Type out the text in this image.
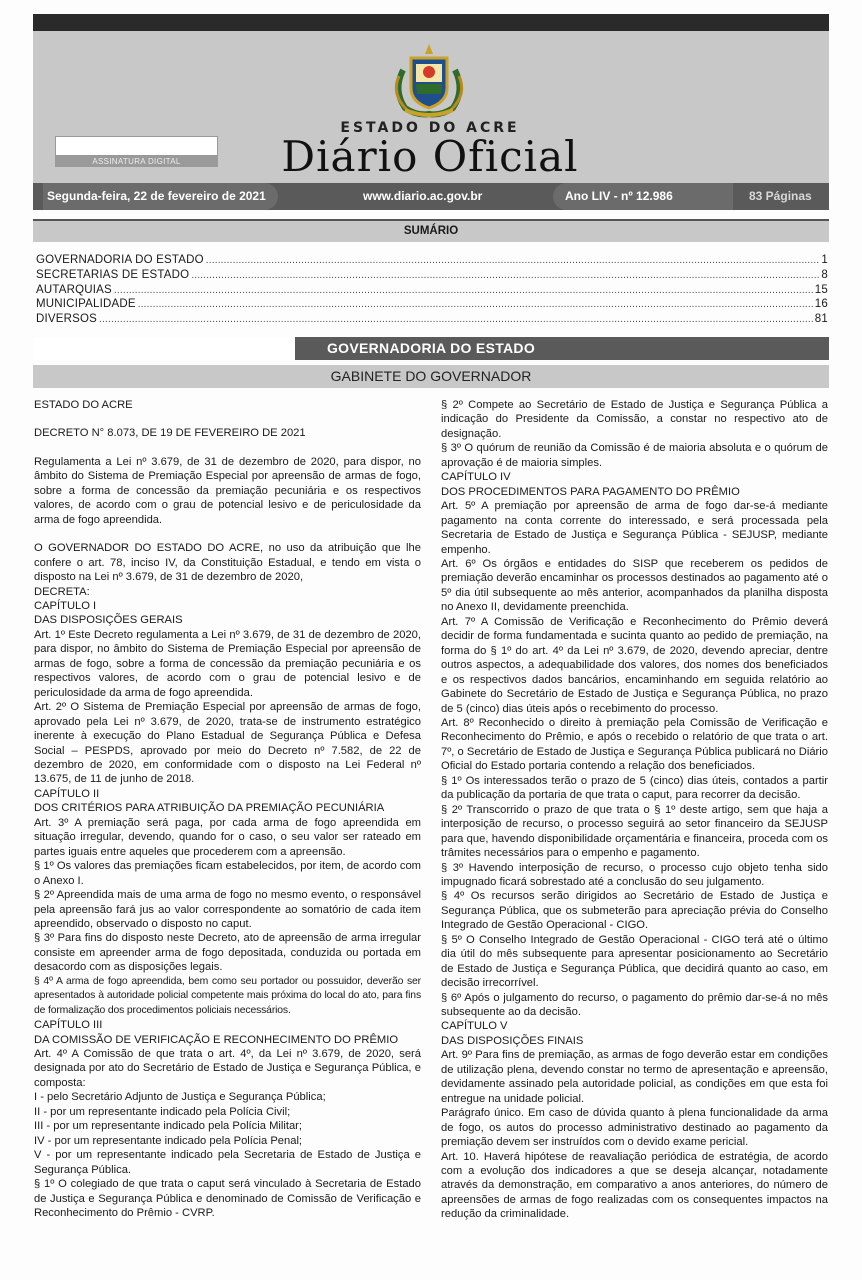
ASSINATURA DIGITAL
ESTADO DO ACRE
Diário Oficial
Segunda-feira, 22 de fevereiro de 2021	www.diario.ac.gov.br	Ano LIV - nº 12.986	83 Páginas
SUMÁRIO
GOVERNADORIA DO ESTADO .....	1
SECRETARIAS DE ESTADO .....	8
AUTARQUIAS .....	15
MUNICIPALIDADE .....	16
DIVERSOS .....	81
GOVERNADORIA DO ESTADO
GABINETE DO GOVERNADOR

ESTADO DO ACRE

DECRETO N° 8.073, DE 19 DE FEVEREIRO DE 2021

Regulamenta a Lei nº 3.679, de 31 de dezembro de 2020, para dispor, no âmbito do Sistema de Premiação Especial por apreensão de armas de fogo, sobre a forma de concessão da premiação pecuniária e os respectivos valores, de acordo com o grau de potencial lesivo e de periculosidade da arma de fogo apreendida.

O GOVERNADOR DO ESTADO DO ACRE, no uso da atribuição que lhe confere o art. 78, inciso IV, da Constituição Estadual, e tendo em vista o disposto na Lei nº 3.679, de 31 de dezembro de 2020,

DECRETA:

CAPÍTULO I

DAS DISPOSIÇÕES GERAIS

Art. 1º Este Decreto regulamenta a Lei nº 3.679, de 31 de dezembro de 2020, para dispor, no âmbito do Sistema de Premiação Especial por apreensão de armas de fogo, sobre a forma de concessão da premiação pecuniária e os respectivos valores, de acordo com o grau de potencial lesivo e de periculosidade da arma de fogo apreendida.

Art. 2º O Sistema de Premiação Especial por apreensão de armas de fogo, aprovado pela Lei nº 3.679, de 2020, trata-se de instrumento estratégico inerente à execução do Plano Estadual de Segurança Pública e Defesa Social – PESPDS, aprovado por meio do Decreto nº 7.582, de 22 de dezembro de 2020, em conformidade com o disposto na Lei Federal nº 13.675, de 11 de junho de 2018.

CAPÍTULO II

DOS CRITÉRIOS PARA ATRIBUIÇÃO DA PREMIAÇÃO PECUNIÁRIA

Art. 3º A premiação será paga, por cada arma de fogo apreendida em situação irregular, devendo, quando for o caso, o seu valor ser rateado em partes iguais entre aqueles que procederem com a apreensão.

§ 1º Os valores das premiações ficam estabelecidos, por item, de acordo com o Anexo I.

§ 2º Apreendida mais de uma arma de fogo no mesmo evento, o responsável pela apreensão fará jus ao valor correspondente ao somatório de cada item apreendido, observado o disposto no caput.

§ 3º Para fins do disposto neste Decreto, ato de apreensão de arma irregular consiste em apreender arma de fogo depositada, conduzida ou portada em desacordo com as disposições legais.

§ 4º A arma de fogo apreendida, bem como seu portador ou possuidor, deverão ser apresentados à autoridade policial competente mais próxima do local do ato, para fins de formalização dos procedimentos policiais necessários.

CAPÍTULO III

DA COMISSÃO DE VERIFICAÇÃO E RECONHECIMENTO DO PRÊMIO

Art. 4º A Comissão de que trata o art. 4º, da Lei nº 3.679, de 2020, será designada por ato do Secretário de Estado de Justiça e Segurança Pública, e composta:

I - pelo Secretário Adjunto de Justiça e Segurança Pública;

II - por um representante indicado pela Polícia Civil;

III - por um representante indicado pela Polícia Militar;

IV - por um representante indicado pela Polícia Penal;

V - por um representante indicado pela Secretaria de Estado de Justiça e Segurança Pública.

§ 1º O colegiado de que trata o caput será vinculado à Secretaria de Estado de Justiça e Segurança Pública e denominado de Comissão de Verificação e Reconhecimento do Prêmio - CVRP.

§ 2º Compete ao Secretário de Estado de Justiça e Segurança Pública a indicação do Presidente da Comissão, a constar no respectivo ato de designação.

§ 3º O quórum de reunião da Comissão é de maioria absoluta e o quórum de aprovação é de maioria simples.

CAPÍTULO IV

DOS PROCEDIMENTOS PARA PAGAMENTO DO PRÊMIO

Art. 5º A premiação por apreensão de arma de fogo dar-se-á mediante pagamento na conta corrente do interessado, e será processada pela Secretaria de Estado de Justiça e Segurança Pública - SEJUSP, mediante empenho.

Art. 6º Os órgãos e entidades do SISP que receberem os pedidos de premiação deverão encaminhar os processos destinados ao pagamento até o 5º dia útil subsequente ao mês anterior, acompanhados da planilha disposta no Anexo II, devidamente preenchida.

Art. 7º A Comissão de Verificação e Reconhecimento do Prêmio deverá decidir de forma fundamentada e sucinta quanto ao pedido de premiação, na forma do § 1º do art. 4º da Lei nº 3.679, de 2020, devendo apreciar, dentre outros aspectos, a adequabilidade dos valores, dos nomes dos beneficiados e os respectivos dados bancários, encaminhando em seguida relatório ao Gabinete do Secretário de Estado de Justiça e Segurança Pública, no prazo de 5 (cinco) dias úteis após o recebimento do processo.

Art. 8º Reconhecido o direito à premiação pela Comissão de Verificação e Reconhecimento do Prêmio, e após o recebido o relatório de que trata o art. 7º, o Secretário de Estado de Justiça e Segurança Pública publicará no Diário Oficial do Estado portaria contendo a relação dos beneficiados.

§ 1º Os interessados terão o prazo de 5 (cinco) dias úteis, contados a partir da publicação da portaria de que trata o caput, para recorrer da decisão.

§ 2º Transcorrido o prazo de que trata o § 1º deste artigo, sem que haja a interposição de recurso, o processo seguirá ao setor financeiro da SEJUSP para que, havendo disponibilidade orçamentária e financeira, proceda com os trâmites necessários para o empenho e pagamento.

§ 3º Havendo interposição de recurso, o processo cujo objeto tenha sido impugnado ficará sobrestado até a conclusão do seu julgamento.

§ 4º Os recursos serão dirigidos ao Secretário de Estado de Justiça e Segurança Pública, que os submeterão para apreciação prévia do Conselho Integrado de Gestão Operacional - CIGO.

§ 5º O Conselho Integrado de Gestão Operacional - CIGO terá até o último dia útil do mês subsequente para apresentar posicionamento ao Secretário de Estado de Justiça e Segurança Pública, que decidirá quanto ao caso, em decisão irrecorrível.

§ 6º Após o julgamento do recurso, o pagamento do prêmio dar-se-á no mês subsequente ao da decisão.

CAPÍTULO V

DAS DISPOSIÇÕES FINAIS

Art. 9º Para fins de premiação, as armas de fogo deverão estar em condições de utilização plena, devendo constar no termo de apresentação e apreensão, devidamente assinado pela autoridade policial, as condições em que esta foi entregue na unidade policial.

Parágrafo único. Em caso de dúvida quanto à plena funcionalidade da arma de fogo, os autos do processo administrativo destinado ao pagamento da premiação devem ser instruídos com o devido exame pericial.

Art. 10. Haverá hipótese de reavaliação periódica de estratégia, de acordo com a evolução dos indicadores a que se deseja alcançar, notadamente através da demonstração, em comparativo a anos anteriores, do número de apreensões de armas de fogo realizadas com os consequentes impactos na redução da criminalidade.
